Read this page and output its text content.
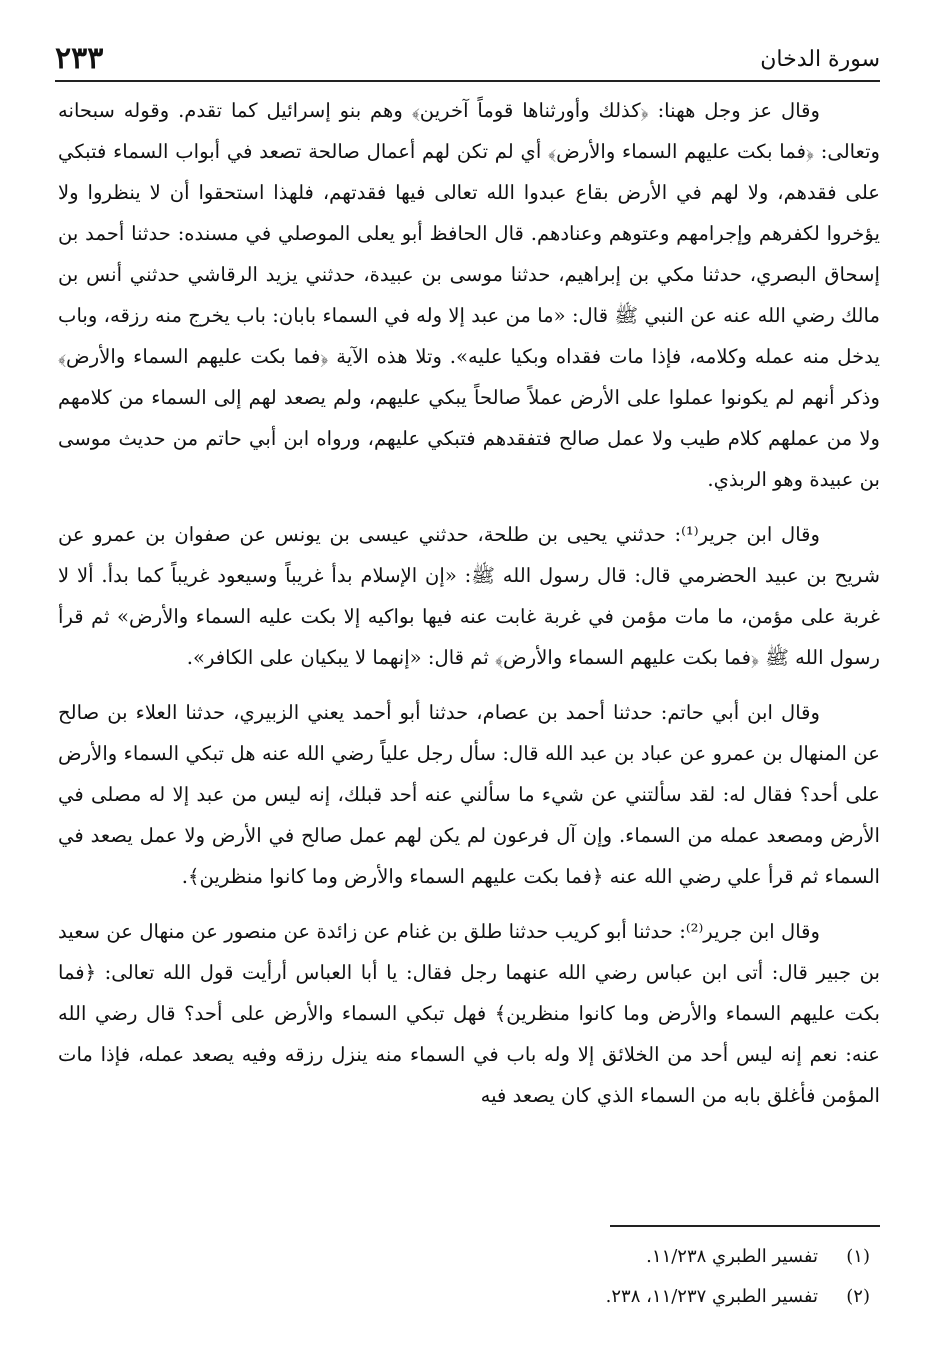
سورة الدخان
٢٣٣

وقال عز وجل ههنا: ﴿كذلك وأورثناها قوماً آخرين﴾ وهم بنو إسرائيل كما تقدم. وقوله سبحانه وتعالى: ﴿فما بكت عليهم السماء والأرض﴾ أي لم تكن لهم أعمال صالحة تصعد في أبواب السماء فتبكي على فقدهم، ولا لهم في الأرض بقاع عبدوا الله تعالى فيها فقدتهم، فلهذا استحقوا أن لا ينظروا ولا يؤخروا لكفرهم وإجرامهم وعتوهم وعنادهم. قال الحافظ أبو يعلى الموصلي في مسنده: حدثنا أحمد بن إسحاق البصري، حدثنا مكي بن إبراهيم، حدثنا موسى بن عبيدة، حدثني يزيد الرقاشي حدثني أنس بن مالك رضي الله عنه عن النبي ﷺ قال: «ما من عبد إلا وله في السماء بابان: باب يخرج منه رزقه، وباب يدخل منه عمله وكلامه، فإذا مات فقداه وبكيا عليه». وتلا هذه الآية ﴿فما بكت عليهم السماء والأرض﴾ وذكر أنهم لم يكونوا عملوا على الأرض عملاً صالحاً يبكي عليهم، ولم يصعد لهم إلى السماء من كلامهم ولا من عملهم كلام طيب ولا عمل صالح فتفقدهم فتبكي عليهم، ورواه ابن أبي حاتم من حديث موسى بن عبيدة وهو الربذي.

وقال ابن جرير⁽¹⁾: حدثني يحيى بن طلحة، حدثني عيسى بن يونس عن صفوان بن عمرو عن شريح بن عبيد الحضرمي قال: قال رسول الله ﷺ: «إن الإسلام بدأ غريباً وسيعود غريباً كما بدأ. ألا لا غربة على مؤمن، ما مات مؤمن في غربة غابت عنه فيها بواكيه إلا بكت عليه السماء والأرض» ثم قرأ رسول الله ﷺ ﴿فما بكت عليهم السماء والأرض﴾ ثم قال: «إنهما لا يبكيان على الكافر».

وقال ابن أبي حاتم: حدثنا أحمد بن عصام، حدثنا أبو أحمد يعني الزبيري، حدثنا العلاء بن صالح عن المنهال بن عمرو عن عباد بن عبد الله قال: سأل رجل علياً رضي الله عنه هل تبكي السماء والأرض على أحد؟ فقال له: لقد سألتني عن شيء ما سألني عنه أحد قبلك، إنه ليس من عبد إلا له مصلى في الأرض ومصعد عمله من السماء. وإن آل فرعون لم يكن لهم عمل صالح في الأرض ولا عمل يصعد في السماء ثم قرأ علي رضي الله عنه ﴿فما بكت عليهم السماء والأرض وما كانوا منظرين﴾.

وقال ابن جرير⁽²⁾: حدثنا أبو كريب حدثنا طلق بن غنام عن زائدة عن منصور عن منهال عن سعيد بن جبير قال: أتى ابن عباس رضي الله عنهما رجل فقال: يا أبا العباس أرأيت قول الله تعالى: ﴿فما بكت عليهم السماء والأرض وما كانوا منظرين﴾ فهل تبكي السماء والأرض على أحد؟ قال رضي الله عنه: نعم إنه ليس أحد من الخلائق إلا وله باب في السماء منه ينزل رزقه وفيه يصعد عمله، فإذا مات المؤمن فأغلق بابه من السماء الذي كان يصعد فيه

(١)
تفسير الطبري ١١/٢٣٨.
(٢)
تفسير الطبري ١١/٢٣٧، ٢٣٨.
